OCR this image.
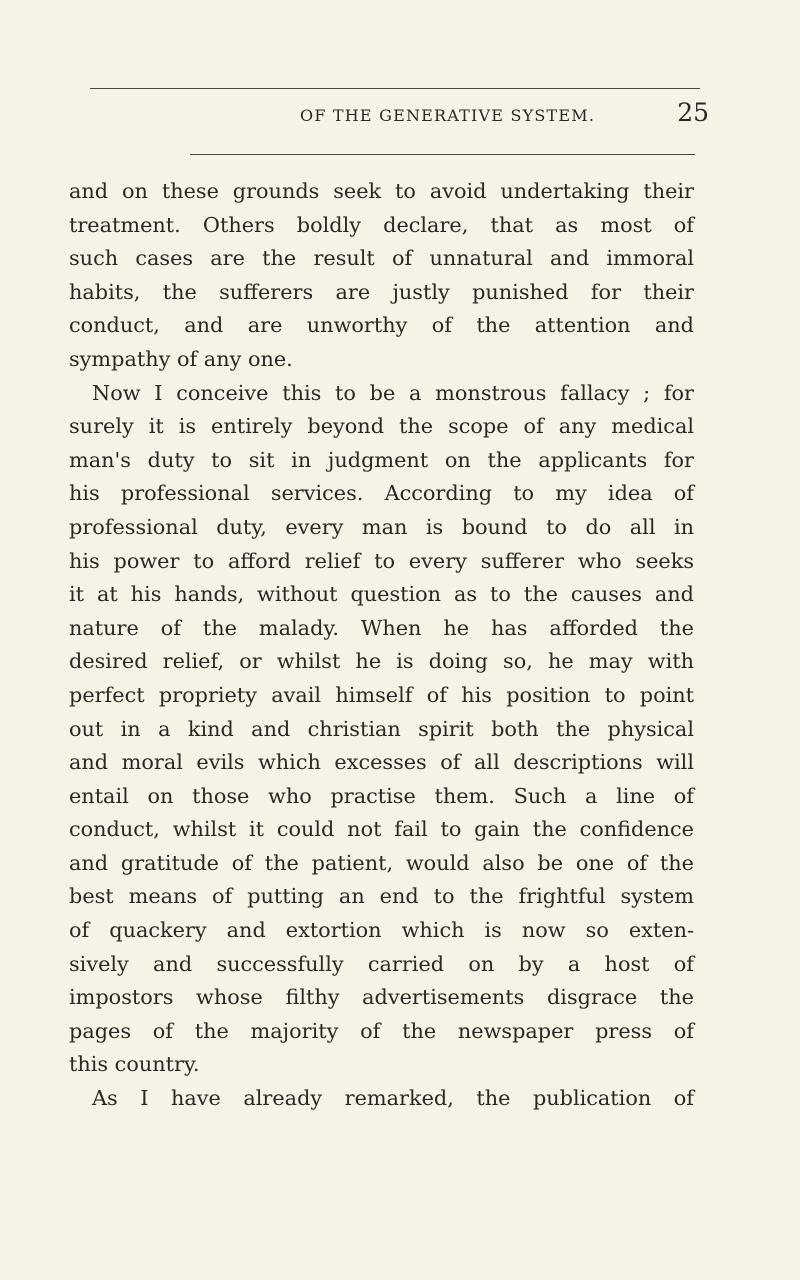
OF THE GENERATIVE SYSTEM.	25
and on these grounds seek to avoid undertaking their
treatment. Others boldly declare, that as most of
such cases are the result of unnatural and immoral
habits, the sufferers are justly punished for their
conduct, and are unworthy of the attention and
sympathy of any one.
Now I conceive this to be a monstrous fallacy ; for
surely it is entirely beyond the scope of any medical
man's duty to sit in judgment on the applicants for
his professional services. According to my idea of
professional duty, every man is bound to do all in
his power to afford relief to every sufferer who seeks
it at his hands, without question as to the causes and
nature of the malady. When he has afforded the
desired relief, or whilst he is doing so, he may with
perfect propriety avail himself of his position to point
out in a kind and christian spirit both the physical
and moral evils which excesses of all descriptions will
entail on those who practise them. Such a line of
conduct, whilst it could not fail to gain the confidence
and gratitude of the patient, would also be one of the
best means of putting an end to the frightful system
of quackery and extortion which is now so exten-
sively and successfully carried on by a host of
impostors whose filthy advertisements disgrace the
pages of the majority of the newspaper press of
this country.
As I have already remarked, the publication of
